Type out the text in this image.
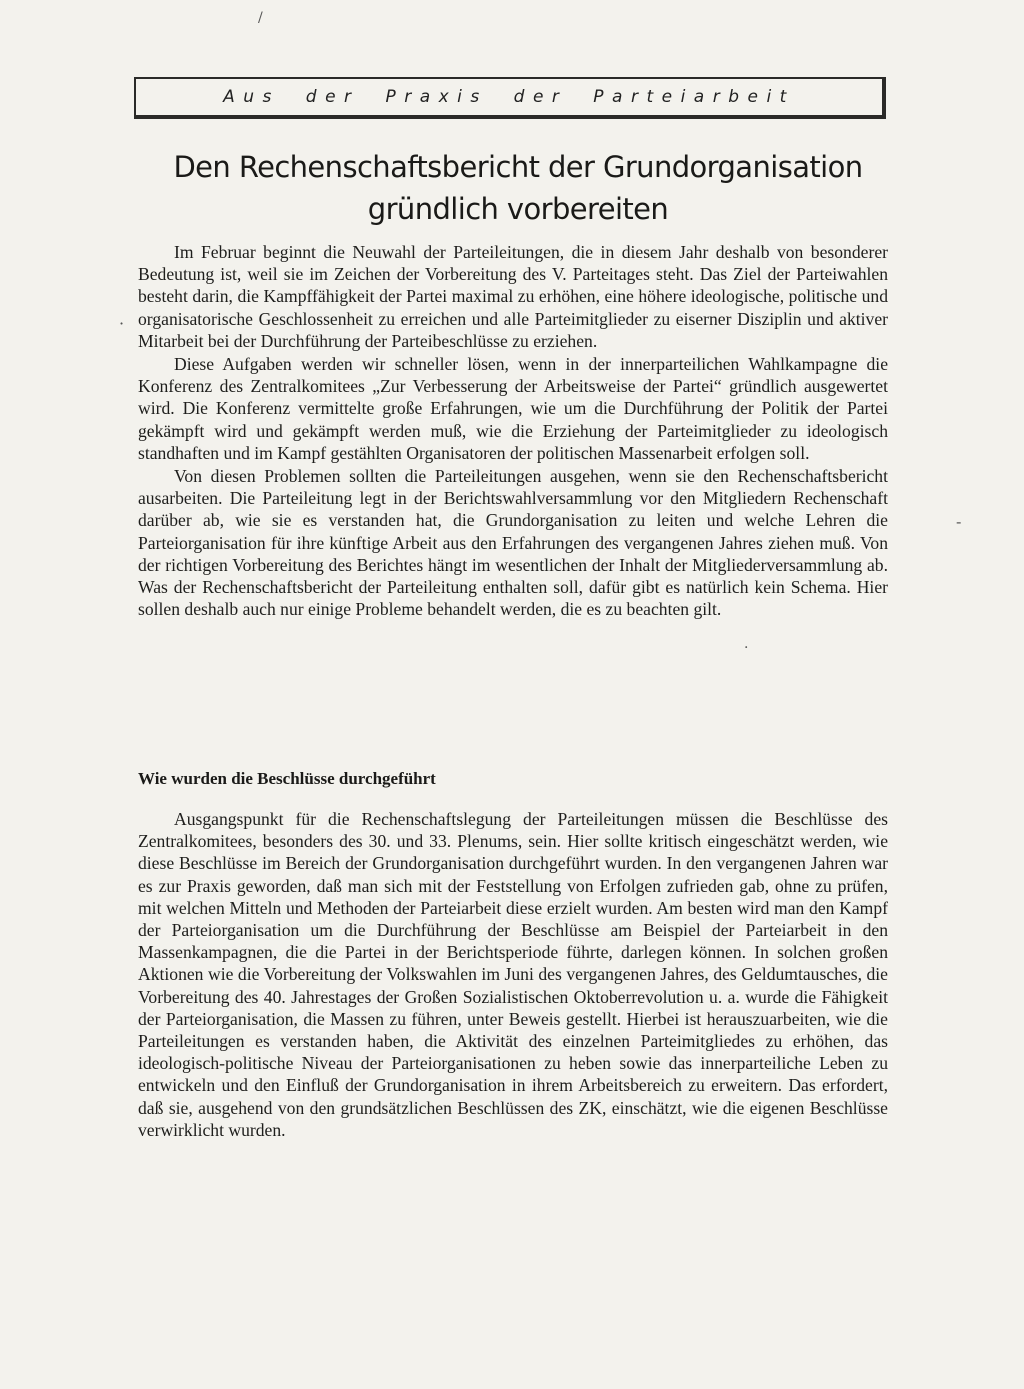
/
·
-
·
Aus der Praxis der Parteiarbeit
Den Rechenschaftsbericht der Grundorganisation
gründlich vorbereiten

Im Februar beginnt die Neuwahl der Parteileitungen, die in diesem Jahr deshalb von besonderer Bedeutung ist, weil sie im Zeichen der Vorbereitung des V. Parteitages steht. Das Ziel der Parteiwahlen besteht darin, die Kampffähigkeit der Partei maximal zu erhöhen, eine höhere ideologische, politische und organisatorische Geschlossenheit zu erreichen und alle Parteimitglieder zu eiserner Disziplin und aktiver Mitarbeit bei der Durchführung der Parteibeschlüsse zu erziehen.

Diese Aufgaben werden wir schneller lösen, wenn in der innerparteilichen Wahlkampagne die Konferenz des Zentralkomitees „Zur Verbesserung der Arbeitsweise der Partei“ gründlich ausgewertet wird. Die Konferenz vermittelte große Erfahrungen, wie um die Durchführung der Politik der Partei gekämpft wird und gekämpft werden muß, wie die Erziehung der Parteimitglieder zu ideologisch standhaften und im Kampf gestählten Organisatoren der politischen Massenarbeit erfolgen soll.

Von diesen Problemen sollten die Parteileitungen ausgehen, wenn sie den Rechenschaftsbericht ausarbeiten. Die Parteileitung legt in der Berichtswahlversammlung vor den Mitgliedern Rechenschaft darüber ab, wie sie es verstanden hat, die Grundorganisation zu leiten und welche Lehren die Parteiorganisation für ihre künftige Arbeit aus den Erfahrungen des vergangenen Jahres ziehen muß. Von der richtigen Vorbereitung des Berichtes hängt im wesentlichen der Inhalt der Mitgliederversammlung ab. Was der Rechenschaftsbericht der Parteileitung enthalten soll, dafür gibt es natürlich kein Schema. Hier sollen deshalb auch nur einige Probleme behandelt werden, die es zu beachten gilt.

Wie wurden die Beschlüsse durchgeführt

Ausgangspunkt für die Rechenschaftslegung der Parteileitungen müssen die Beschlüsse des Zentralkomitees, besonders des 30. und 33. Plenums, sein. Hier sollte kritisch eingeschätzt werden, wie diese Beschlüsse im Bereich der Grundorganisation durchgeführt wurden. In den vergangenen Jahren war es zur Praxis geworden, daß man sich mit der Feststellung von Erfolgen zufrieden gab, ohne zu prüfen, mit welchen Mitteln und Methoden der Parteiarbeit diese erzielt wurden. Am besten wird man den Kampf der Parteiorganisation um die Durchführung der Beschlüsse am Beispiel der Parteiarbeit in den Massenkampagnen, die die Partei in der Berichtsperiode führte, darlegen können. In solchen großen Aktionen wie die Vorbereitung der Volkswahlen im Juni des vergangenen Jahres, des Geldumtausches, die Vorbereitung des 40. Jahrestages der Großen Sozialistischen Oktoberrevolution u. a. wurde die Fähigkeit der Parteiorganisation, die Massen zu führen, unter Beweis gestellt. Hierbei ist herauszuarbeiten, wie die Parteileitungen es verstanden haben, die Aktivität des einzelnen Parteimitgliedes zu erhöhen, das ideologisch-politische Niveau der Parteiorganisationen zu heben sowie das innerparteiliche Leben zu entwickeln und den Einfluß der Grundorganisation in ihrem Arbeitsbereich zu erweitern. Das erfordert, daß sie, ausgehend von den grundsätzlichen Beschlüssen des ZK, einschätzt, wie die eigenen Beschlüsse verwirklicht wurden.
